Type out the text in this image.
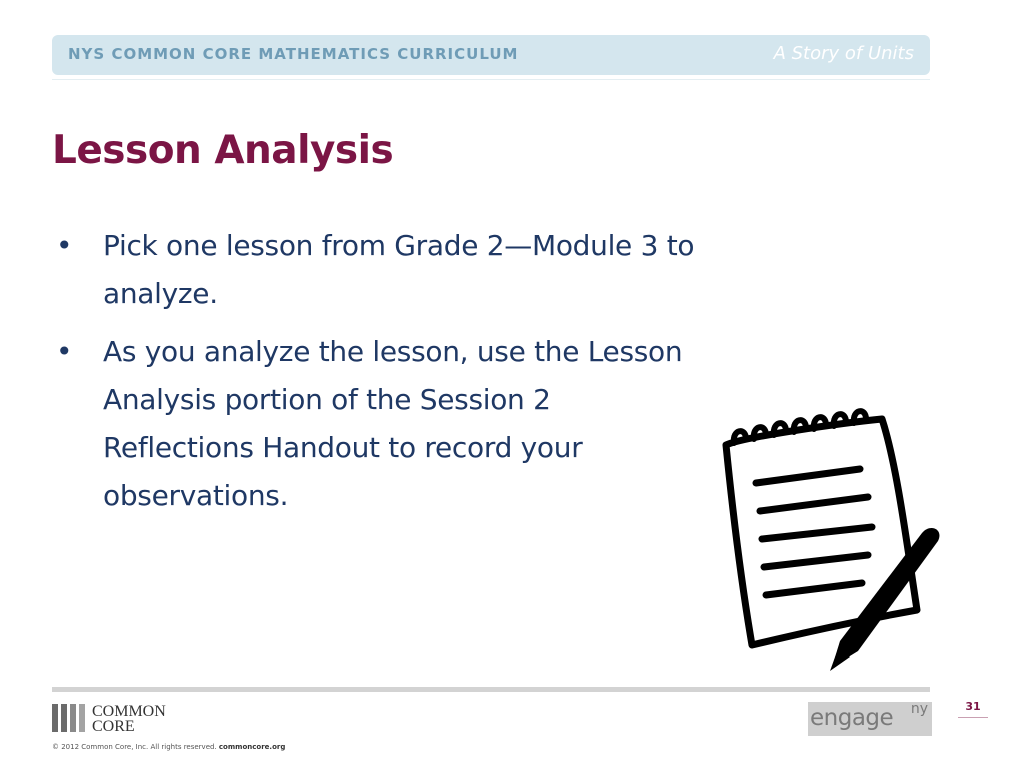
NYS COMMON CORE MATHEMATICS CURRICULUM	A Story of Units
Lesson Analysis
• Pick one lesson from Grade 2—Module 3 to analyze.
• As you analyze the lesson, use the Lesson Analysis portion of the Session 2 Reflections Handout to record your observations.
COMMON
CORE
© 2012 Common Core, Inc. All rights reserved. commoncore.org
engage ny	31
